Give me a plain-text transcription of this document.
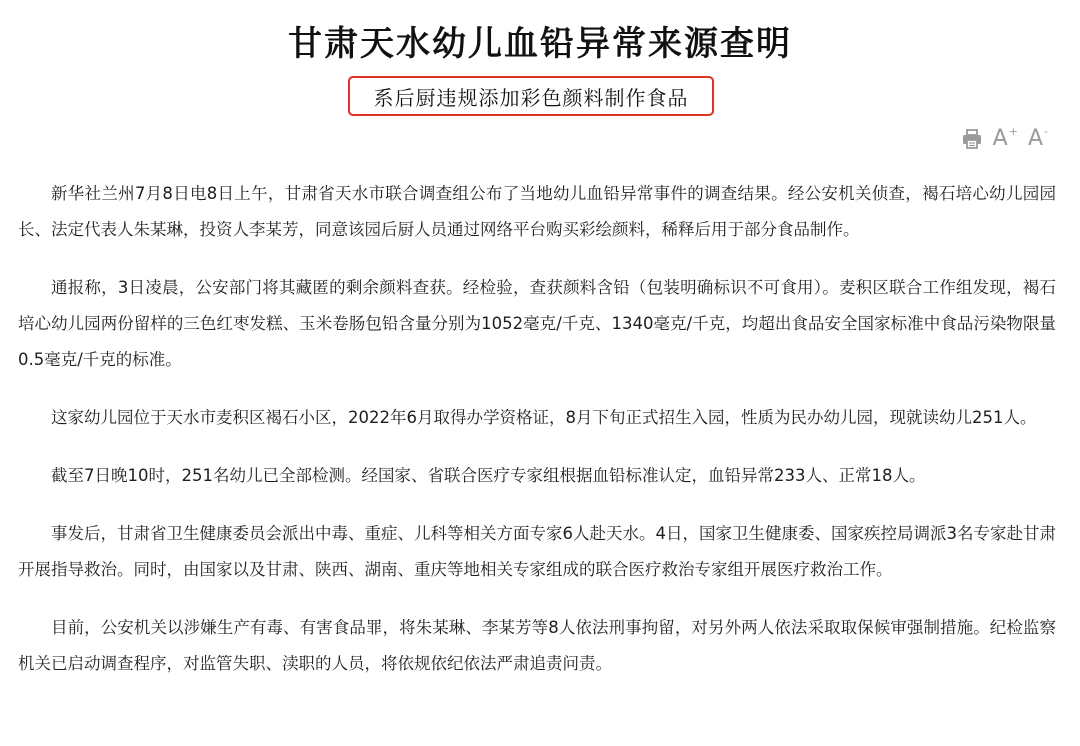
甘肃天水幼儿血铅异常来源查明
系后厨违规添加彩色颜料制作食品
A + A -

新华社兰州7月8日电8日上午，甘肃省天水市联合调查组公布了当地幼儿血铅异常事件的调查结果。经公安机关侦查，褐石培心幼儿园园长、法定代表人朱某琳，投资人李某芳，同意该园后厨人员通过网络平台购买彩绘颜料，稀释后用于部分食品制作。

通报称，3日凌晨，公安部门将其藏匿的剩余颜料查获。经检验，查获颜料含铅（包装明确标识不可食用）。麦积区联合工作组发现，褐石培心幼儿园两份留样的三色红枣发糕、玉米卷肠包铅含量分别为1052毫克/千克、1340毫克/千克，均超出食品安全国家标准中食品污染物限量0.5毫克/千克的标准。

这家幼儿园位于天水市麦积区褐石小区，2022年6月取得办学资格证，8月下旬正式招生入园，性质为民办幼儿园，现就读幼儿251人。

截至7日晚10时，251名幼儿已全部检测。经国家、省联合医疗专家组根据血铅标准认定，血铅异常233人、正常18人。

事发后，甘肃省卫生健康委员会派出中毒、重症、儿科等相关方面专家6人赴天水。4日，国家卫生健康委、国家疾控局调派3名专家赴甘肃开展指导救治。同时，由国家以及甘肃、陕西、湖南、重庆等地相关专家组成的联合医疗救治专家组开展医疗救治工作。

目前，公安机关以涉嫌生产有毒、有害食品罪，将朱某琳、李某芳等8人依法刑事拘留，对另外两人依法采取取保候审强制措施。纪检监察机关已启动调查程序，对监管失职、渎职的人员，将依规依纪依法严肃追责问责。
